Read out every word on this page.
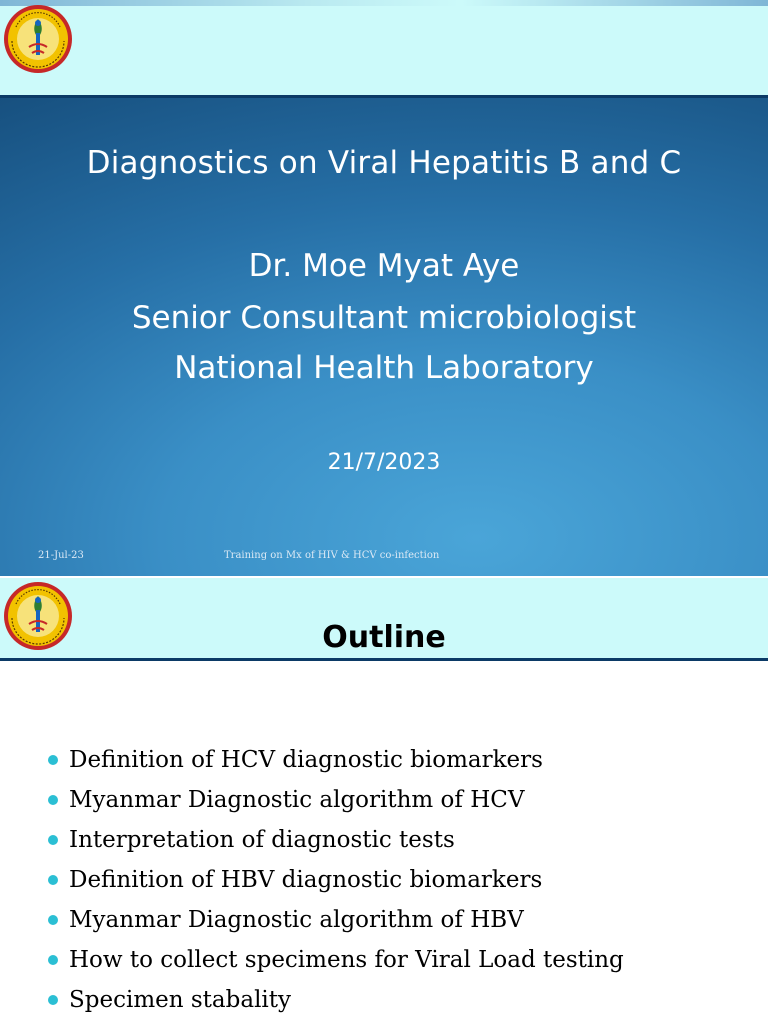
Diagnostics on Viral Hepatitis B and C
Dr. Moe Myat Aye
Senior Consultant microbiologist
National Health Laboratory
21/7/2023
21-Jul-23	Training on Mx of HIV & HCV co-infection
Outline
Definition of HCV diagnostic biomarkers
Myanmar Diagnostic algorithm of HCV
Interpretation of diagnostic tests
Definition of HBV diagnostic biomarkers
Myanmar Diagnostic algorithm of HBV
How to collect specimens for Viral Load testing
Specimen stabality
